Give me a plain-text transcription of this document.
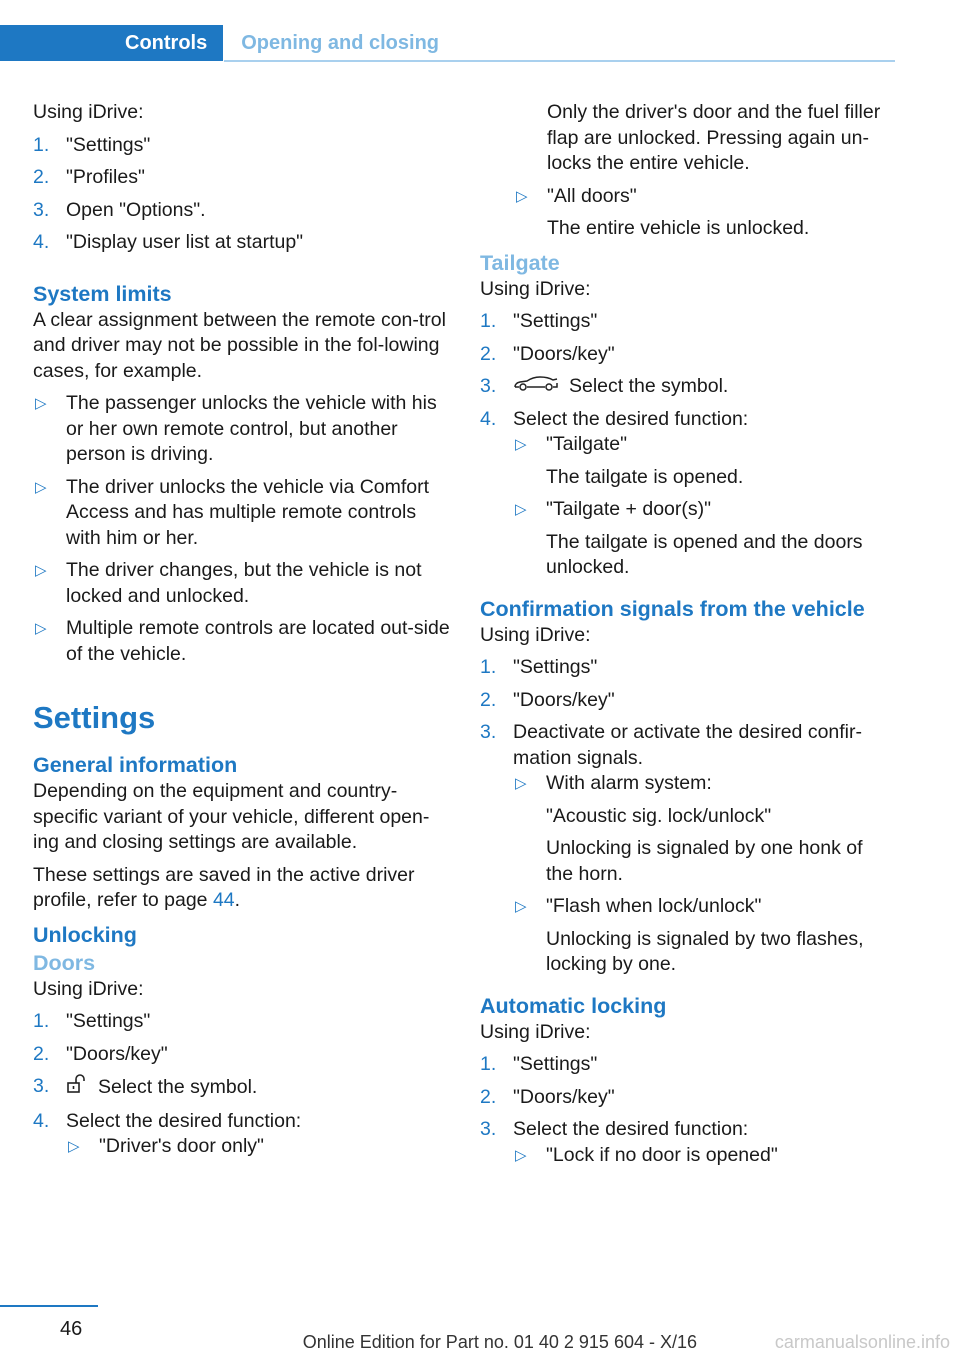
Controls	Opening and closing

Using iDrive:

1. "Settings"
2. "Profiles"
3. Open "Options".
4. "Display user list at startup"
System limits

A clear assignment between the remote con-trol and driver may not be possible in the fol-lowing cases, for example.

▷ The passenger unlocks the vehicle with his or her own remote control, but another person is driving.
▷ The driver unlocks the vehicle via Comfort Access and has multiple remote controls with him or her.
▷ The driver changes, but the vehicle is not locked and unlocked.
▷ Multiple remote controls are located out-side of the vehicle.
Settings
General information

Depending on the equipment and country-specific variant of your vehicle, different open-ing and closing settings are available.

These settings are saved in the active driver profile, refer to page 44.

Unlocking
Doors

Using iDrive:

1. "Settings"
2. "Doors/key"
3.	Select the symbol.
4. Select the desired function:
▷ "Driver's door only"

Only the driver's door and the fuel filler flap are unlocked. Pressing again un-locks the entire vehicle.

▷ "All doors"

The entire vehicle is unlocked.

Tailgate

Using iDrive:

1. "Settings"
2. "Doors/key"
3.	Select the symbol.
4. Select the desired function:
▷ "Tailgate"

The tailgate is opened.

▷ "Tailgate + door(s)"

The tailgate is opened and the doors unlocked.

Confirmation signals from the vehicle

Using iDrive:

1. "Settings"
2. "Doors/key"
3. Deactivate or activate the desired confir-mation signals.
▷ With alarm system:

"Acoustic sig. lock/unlock"

Unlocking is signaled by one honk of the horn.

▷ "Flash when lock/unlock"

Unlocking is signaled by two flashes, locking by one.

Automatic locking

Using iDrive:

1. "Settings"
2. "Doors/key"
3. Select the desired function:
▷ "Lock if no door is opened"
46
Online Edition for Part no. 01 40 2 915 604 - X/16	carmanualsonline.info
